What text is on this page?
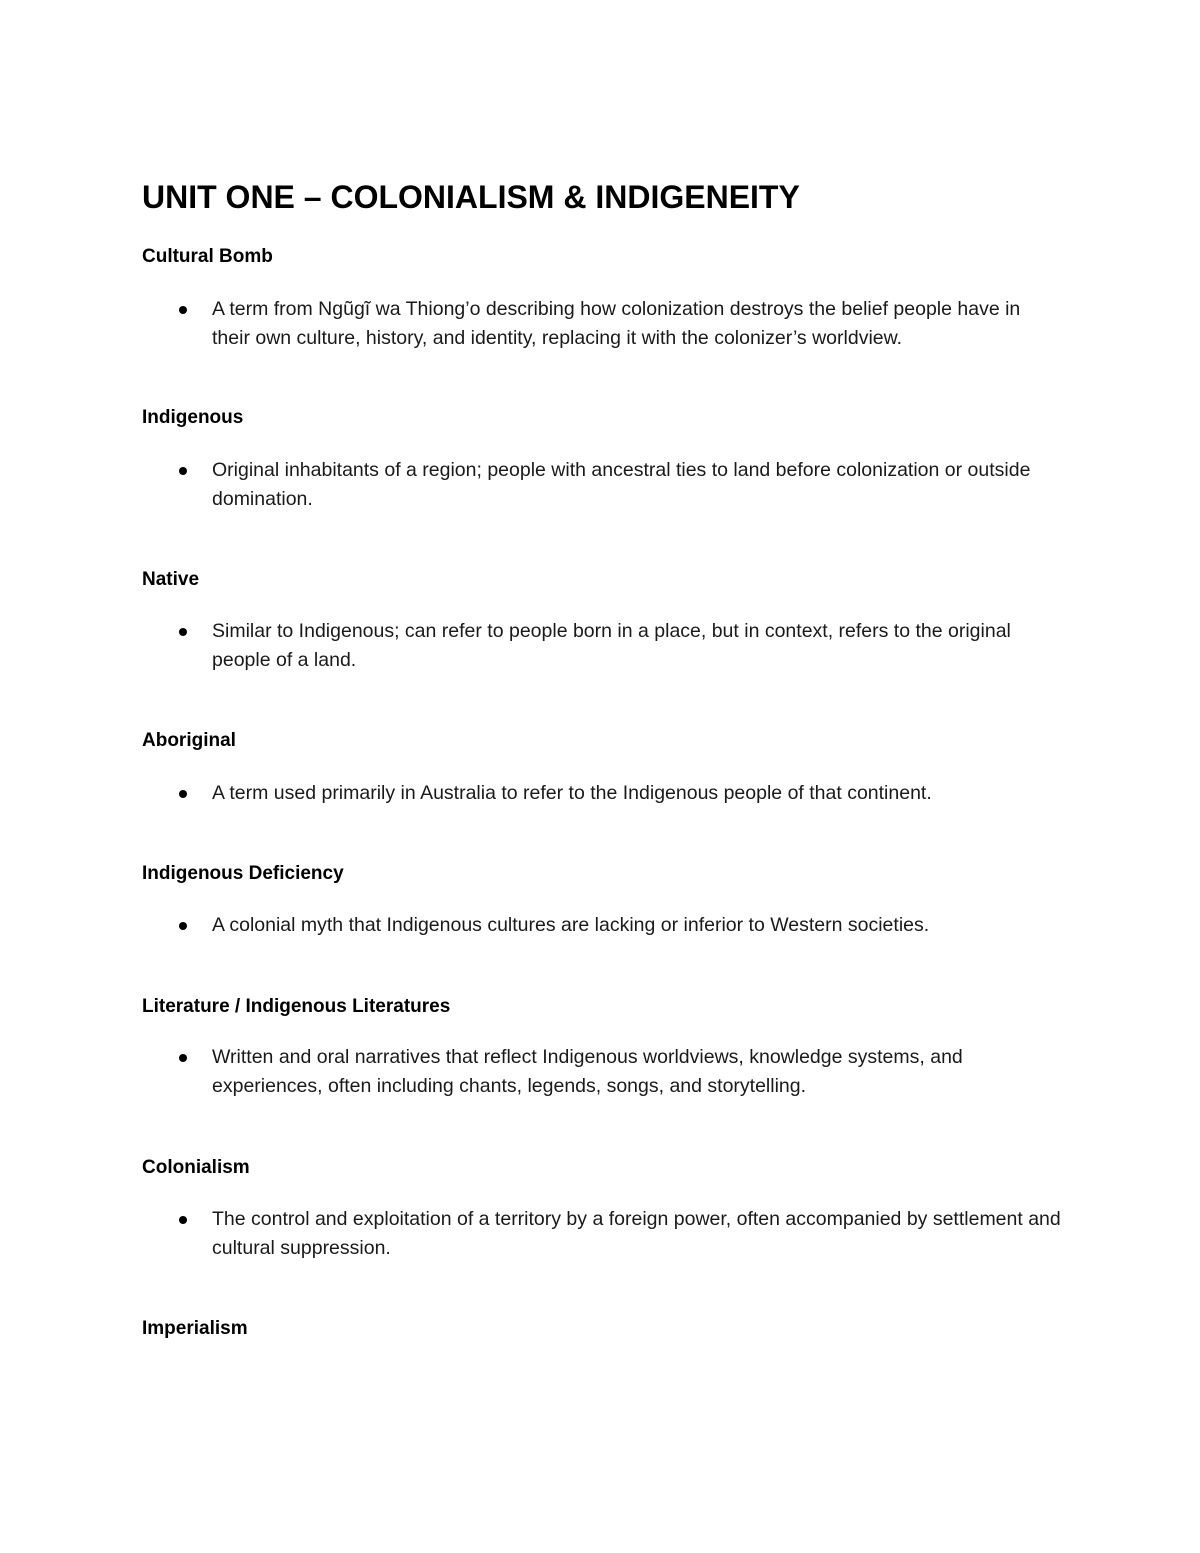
UNIT ONE – COLONIALISM & INDIGENEITY
Cultural Bomb

A term from Ngũgĩ wa Thiong’o describing how colonization destroys the belief people have in their own culture, history, and identity, replacing it with the colonizer’s worldview.

Indigenous

Original inhabitants of a region; people with ancestral ties to land before colonization or outside domination.

Native

Similar to Indigenous; can refer to people born in a place, but in context, refers to the original people of a land.

Aboriginal

A term used primarily in Australia to refer to the Indigenous people of that continent.

Indigenous Deficiency

A colonial myth that Indigenous cultures are lacking or inferior to Western societies.

Literature / Indigenous Literatures

Written and oral narratives that reflect Indigenous worldviews, knowledge systems, and experiences, often including chants, legends, songs, and storytelling.

Colonialism

The control and exploitation of a territory by a foreign power, often accompanied by settlement and cultural suppression.

Imperialism
